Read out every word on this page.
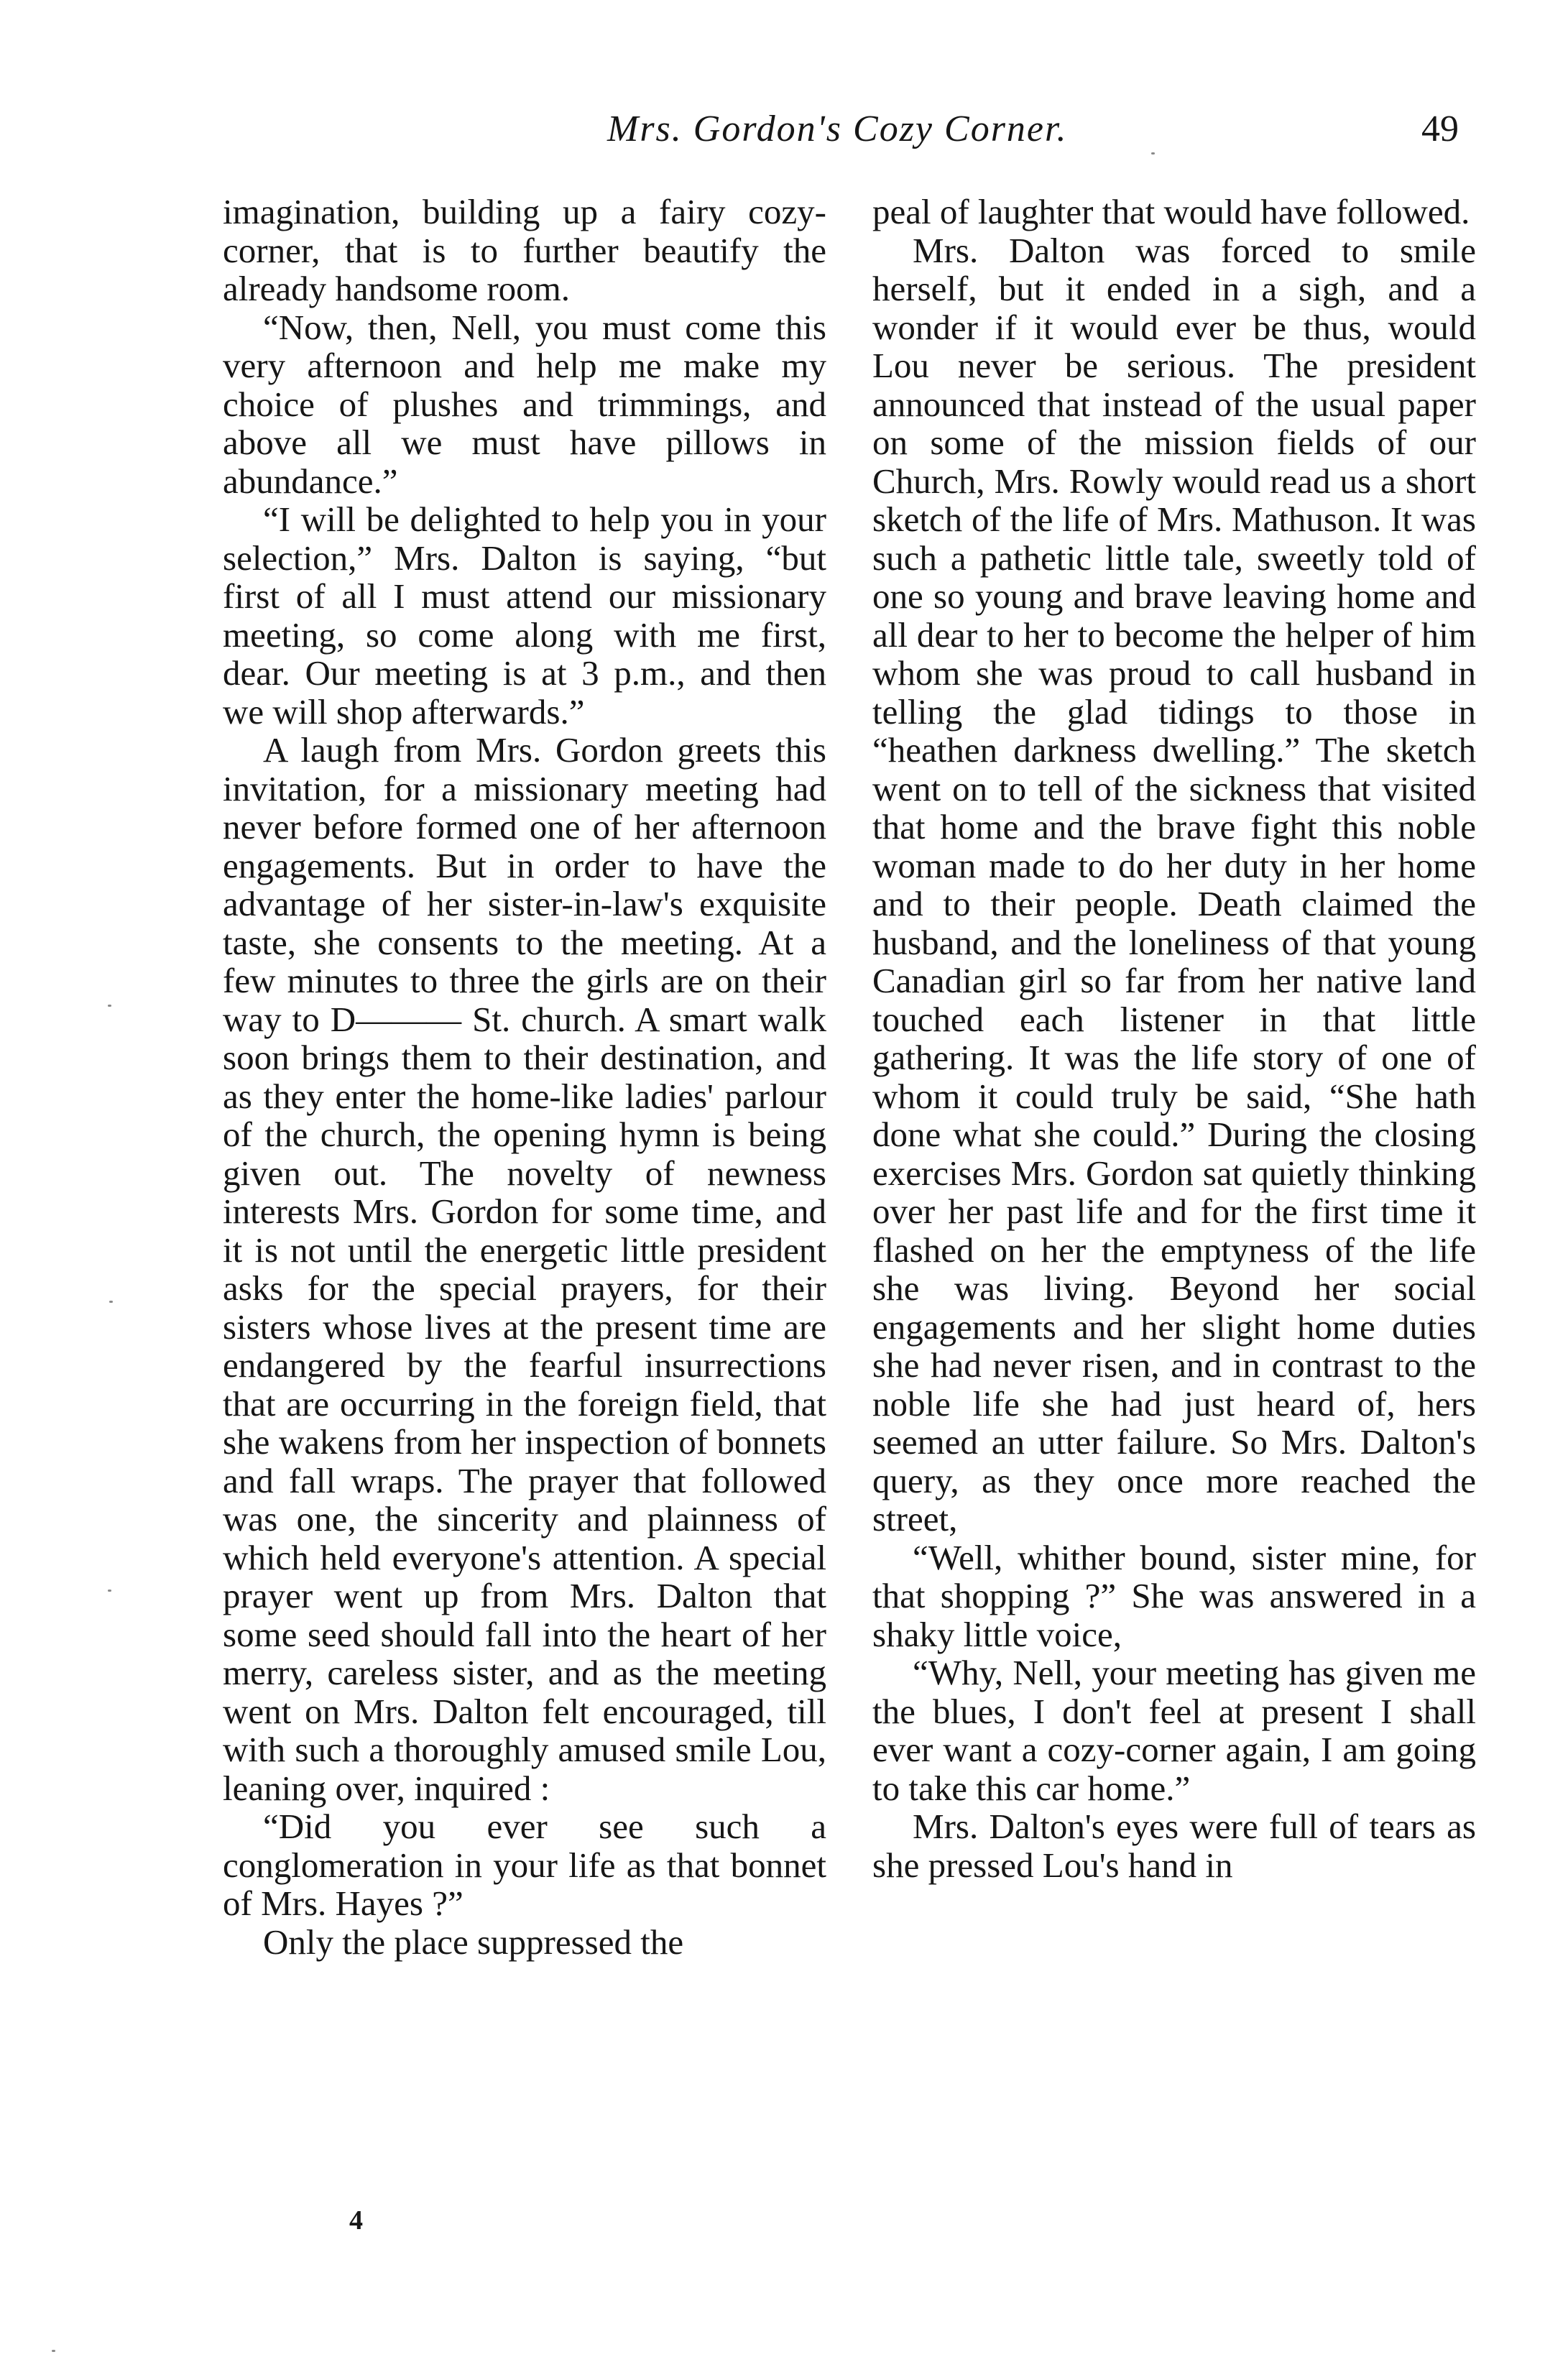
Mrs. Gordon's Cozy Corner.	49

imagination, building up a fairy cozy-corner, that is to further beautify the already handsome room.

“Now, then, Nell, you must come this very afternoon and help me make my choice of plushes and trimmings, and above all we must have pillows in abundance.”

“I will be delighted to help you in your selection,” Mrs. Dalton is saying, “but first of all I must attend our missionary meeting, so come along with me first, dear. Our meeting is at 3 p.m., and then we will shop afterwards.”

A laugh from Mrs. Gordon greets this invitation, for a missionary meeting had never before formed one of her afternoon engagements. But in order to have the advantage of her sister-in-law's exquisite taste, she consents to the meeting. At a few minutes to three the girls are on their way to D——— St. church. A smart walk soon brings them to their destination, and as they enter the home-like ladies' parlour of the church, the opening hymn is being given out. The novelty of newness interests Mrs. Gordon for some time, and it is not until the energetic little president asks for the special prayers, for their sisters whose lives at the present time are endangered by the fearful insurrections that are occurring in the foreign field, that she wakens from her inspection of bonnets and fall wraps. The prayer that followed was one, the sincerity and plainness of which held everyone's attention. A special prayer went up from Mrs. Dalton that some seed should fall into the heart of her merry, careless sister, and as the meeting went on Mrs. Dalton felt encouraged, till with such a thoroughly amused smile Lou, leaning over, inquired :

“Did you ever see such a conglomeration in your life as that bonnet of Mrs. Hayes ?”

Only the place suppressed the

peal of laughter that would have followed.

Mrs. Dalton was forced to smile herself, but it ended in a sigh, and a wonder if it would ever be thus, would Lou never be serious. The president announced that instead of the usual paper on some of the mission fields of our Church, Mrs. Rowly would read us a short sketch of the life of Mrs. Mathuson. It was such a pathetic little tale, sweetly told of one so young and brave leaving home and all dear to her to become the helper of him whom she was proud to call husband in telling the glad tidings to those in “heathen darkness dwelling.” The sketch went on to tell of the sickness that visited that home and the brave fight this noble woman made to do her duty in her home and to their people. Death claimed the husband, and the loneliness of that young Canadian girl so far from her native land touched each listener in that little gathering. It was the life story of one of whom it could truly be said, “She hath done what she could.” During the closing exercises Mrs. Gordon sat quietly thinking over her past life and for the first time it flashed on her the emptyness of the life she was living. Beyond her social engagements and her slight home duties she had never risen, and in contrast to the noble life she had just heard of, hers seemed an utter failure. So Mrs. Dalton's query, as they once more reached the street,

“Well, whither bound, sister mine, for that shopping ?” She was answered in a shaky little voice,

“Why, Nell, your meeting has given me the blues, I don't feel at present I shall ever want a cozy-corner again, I am going to take this car home.”

Mrs. Dalton's eyes were full of tears as she pressed Lou's hand in

4
